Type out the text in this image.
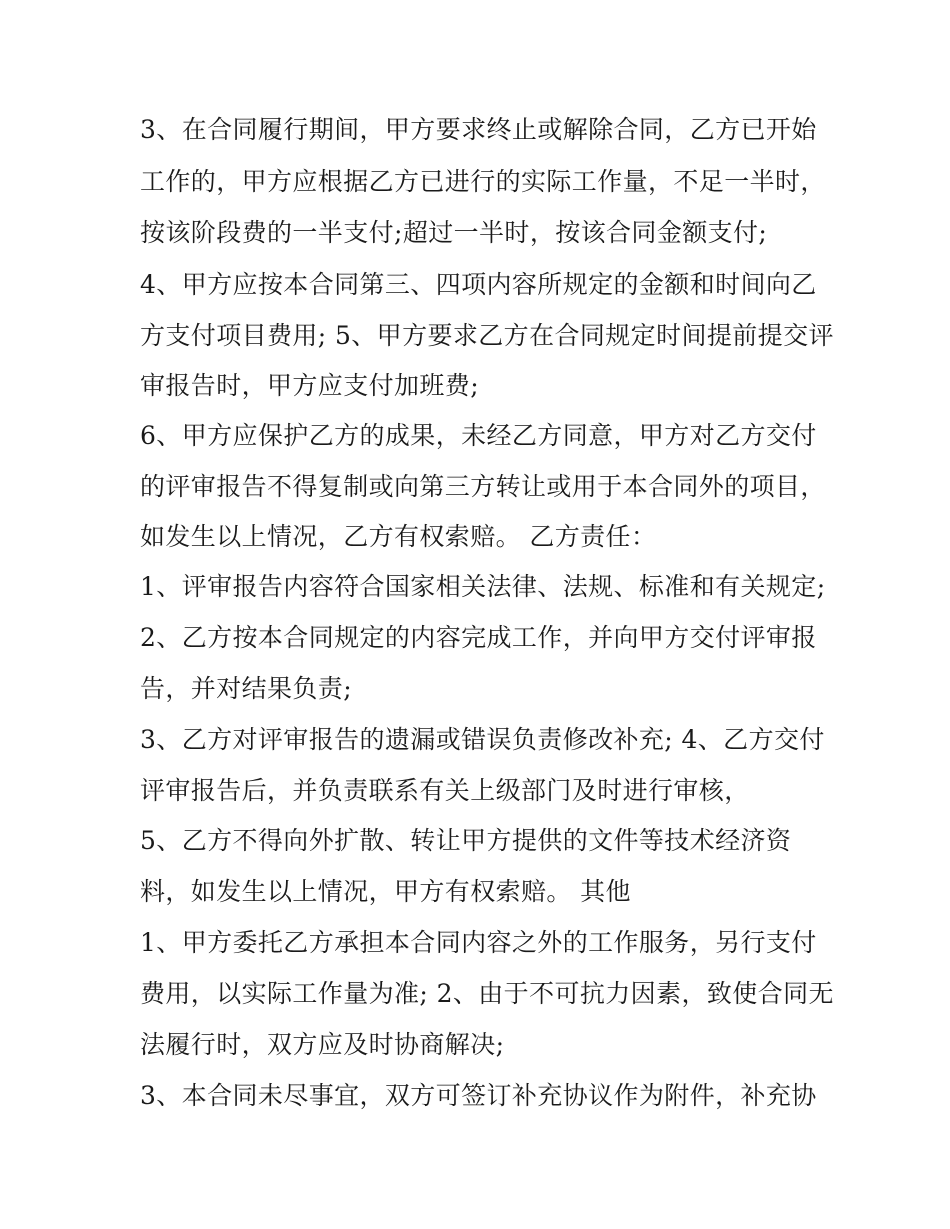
3、在合同履行期间，甲方要求终止或解除合同，乙方已开始
工作的，甲方应根据乙方已进行的实际工作量，不足一半时，
按该阶段费的一半支付;超过一半时，按该合同金额支付;
4、甲方应按本合同第三、四项内容所规定的金额和时间向乙
方支付项目费用; 5、甲方要求乙方在合同规定时间提前提交评
审报告时，甲方应支付加班费;
6、甲方应保护乙方的成果，未经乙方同意，甲方对乙方交付
的评审报告不得复制或向第三方转让或用于本合同外的项目，
如发生以上情况，乙方有权索赔。 乙方责任：
1、评审报告内容符合国家相关法律、法规、标准和有关规定;
2、乙方按本合同规定的内容完成工作，并向甲方交付评审报
告，并对结果负责;
3、乙方对评审报告的遗漏或错误负责修改补充; 4、乙方交付
评审报告后，并负责联系有关上级部门及时进行审核，
5、乙方不得向外扩散、转让甲方提供的文件等技术经济资
料，如发生以上情况，甲方有权索赔。 其他
1、甲方委托乙方承担本合同内容之外的工作服务，另行支付
费用，以实际工作量为准; 2、由于不可抗力因素，致使合同无
法履行时，双方应及时协商解决;
3、本合同未尽事宜，双方可签订补充协议作为附件，补充协
